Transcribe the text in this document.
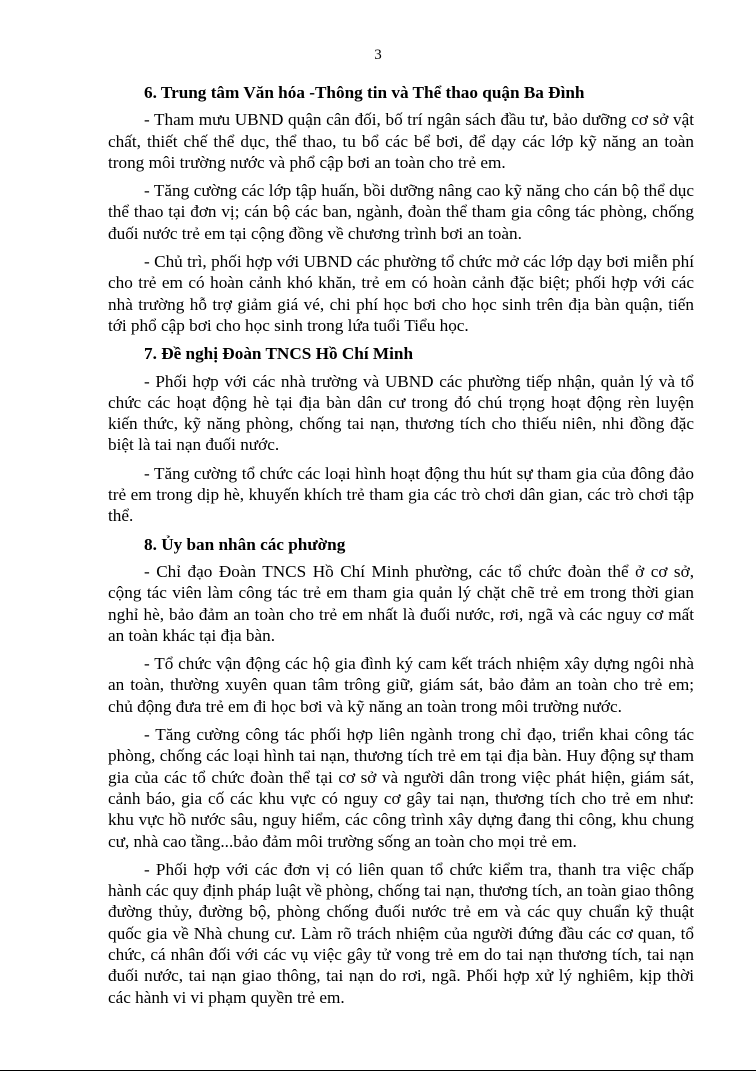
3

6. Trung tâm Văn hóa -Thông tin và Thể thao quận Ba Đình

- Tham mưu UBND quận cân đối, bố trí ngân sách đầu tư, bảo dưỡng cơ sở vật chất, thiết chế thể dục, thể thao, tu bổ các bể bơi, để dạy các lớp kỹ năng an toàn trong môi trường nước và phổ cập bơi an toàn cho trẻ em.

- Tăng cường các lớp tập huấn, bồi dưỡng nâng cao kỹ năng cho cán bộ thể dục thể thao tại đơn vị; cán bộ các ban, ngành, đoàn thể tham gia công tác phòng, chống đuối nước trẻ em tại cộng đồng về chương trình bơi an toàn.

- Chủ trì, phối hợp với UBND các phường tổ chức mở các lớp dạy bơi miễn phí cho trẻ em có hoàn cảnh khó khăn, trẻ em có hoàn cảnh đặc biệt; phối hợp với các nhà trường hỗ trợ giảm giá vé, chi phí học bơi cho học sinh trên địa bàn quận, tiến tới phổ cập bơi cho học sinh trong lứa tuổi Tiểu học.

7. Đề nghị Đoàn TNCS Hồ Chí Minh

- Phối hợp với các nhà trường và UBND các phường tiếp nhận, quản lý và tổ chức các hoạt động hè tại địa bàn dân cư trong đó chú trọng hoạt động rèn luyện kiến thức, kỹ năng phòng, chống tai nạn, thương tích cho thiếu niên, nhi đồng đặc biệt là tai nạn đuối nước.

- Tăng cường tổ chức các loại hình hoạt động thu hút sự tham gia của đông đảo trẻ em trong dịp hè, khuyến khích trẻ tham gia các trò chơi dân gian, các trò chơi tập thể.

8. Ủy ban nhân các phường

- Chỉ đạo Đoàn TNCS Hồ Chí Minh phường, các tổ chức đoàn thể ở cơ sở, cộng tác viên làm công tác trẻ em tham gia quản lý chặt chẽ trẻ em trong thời gian nghỉ hè, bảo đảm an toàn cho trẻ em nhất là đuối nước, rơi, ngã và các nguy cơ mất an toàn khác tại địa bàn.

- Tổ chức vận động các hộ gia đình ký cam kết trách nhiệm xây dựng ngôi nhà an toàn, thường xuyên quan tâm trông giữ, giám sát, bảo đảm an toàn cho trẻ em; chủ động đưa trẻ em đi học bơi và kỹ năng an toàn trong môi trường nước.

- Tăng cường công tác phối hợp liên ngành trong chỉ đạo, triển khai công tác phòng, chống các loại hình tai nạn, thương tích trẻ em tại địa bàn. Huy động sự tham gia của các tổ chức đoàn thể tại cơ sở và người dân trong việc phát hiện, giám sát, cảnh báo, gia cố các khu vực có nguy cơ gây tai nạn, thương tích cho trẻ em như: khu vực hồ nước sâu, nguy hiểm, các công trình xây dựng đang thi công, khu chung cư, nhà cao tầng...bảo đảm môi trường sống an toàn cho mọi trẻ em.

- Phối hợp với các đơn vị có liên quan tổ chức kiểm tra, thanh tra việc chấp hành các quy định pháp luật về phòng, chống tai nạn, thương tích, an toàn giao thông đường thủy, đường bộ, phòng chống đuối nước trẻ em và các quy chuẩn kỹ thuật quốc gia về Nhà chung cư. Làm rõ trách nhiệm của người đứng đầu các cơ quan, tổ chức, cá nhân đối với các vụ việc gây tử vong trẻ em do tai nạn thương tích, tai nạn đuối nước, tai nạn giao thông, tai nạn do rơi, ngã. Phối hợp xử lý nghiêm, kịp thời các hành vi vi phạm quyền trẻ em.
